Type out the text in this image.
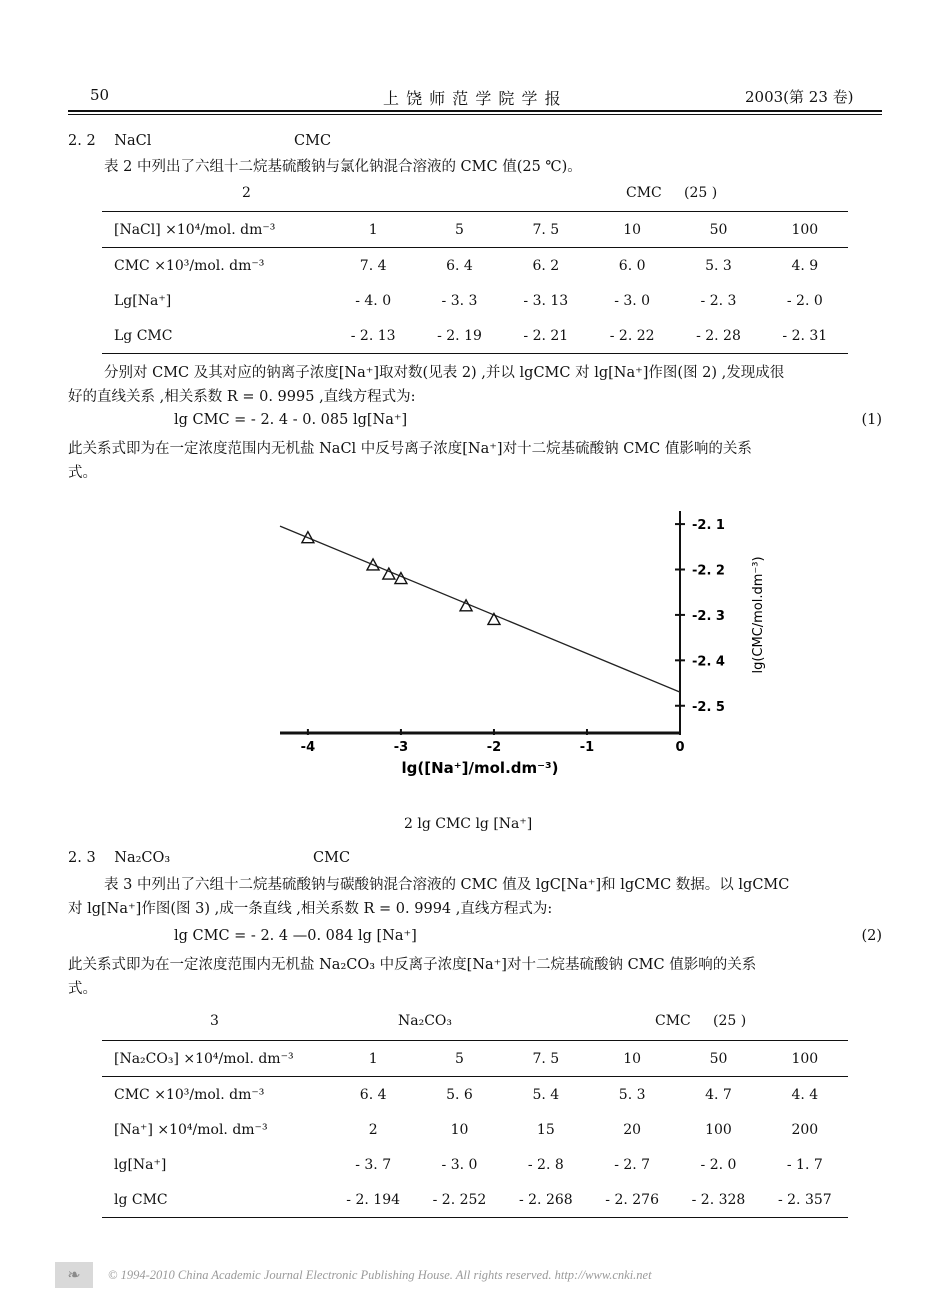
50	上 饶 师 范 学 院 学 报	2003(第 23 卷)
2. 2 NaCl	CMC
表 2 中列出了六组十二烷基硫酸钠与氯化钠混合溶液的 CMC 值(25 ℃)。
2	CMC (25 )
[NaCl] ×10⁴/mol. dm⁻³	1	5	7. 5	10	50	100
CMC ×10³/mol. dm⁻³	7. 4	6. 4	6. 2	6. 0	5. 3	4. 9
Lg[Na⁺]	- 4. 0	- 3. 3	- 3. 13	- 3. 0	- 2. 3	- 2. 0
Lg CMC	- 2. 13	- 2. 19	- 2. 21	- 2. 22	- 2. 28	- 2. 31
分别对 CMC 及其对应的钠离子浓度[Na⁺]取对数(见表 2) ,并以 lgCMC 对 lg[Na⁺]作图(图 2) ,发现成很
好的直线关系 ,相关系数 R = 0. 9995 ,直线方程式为:
lg CMC = - 2. 4 - 0. 085 lg[Na⁺]	(1)
此关系式即为在一定浓度范围内无机盐 NaCl 中反号离子浓度[Na⁺]对十二烷基硫酸钠 CMC 值影响的关系
式。
-4	-3	-2	-1	0
-2. 1
-2. 2
-2. 3
-2. 4
-2. 5
lg([Na⁺]/mol.dm⁻³)
lg(CMC/mol.dm⁻³)
2 lg CMC lg [Na⁺]
2. 3 Na₂CO₃	CMC
表 3 中列出了六组十二烷基硫酸钠与碳酸钠混合溶液的 CMC 值及 lgC[Na⁺]和 lgCMC 数据。以 lgCMC
对 lg[Na⁺]作图(图 3) ,成一条直线 ,相关系数 R = 0. 9994 ,直线方程式为:
lg CMC = - 2. 4 —0. 084 lg [Na⁺]	(2)
此关系式即为在一定浓度范围内无机盐 Na₂CO₃ 中反离子浓度[Na⁺]对十二烷基硫酸钠 CMC 值影响的关系
式。
3	Na₂CO₃	CMC (25 )
[Na₂CO₃] ×10⁴/mol. dm⁻³	1	5	7. 5	10	50	100
CMC ×10³/mol. dm⁻³	6. 4	5. 6	5. 4	5. 3	4. 7	4. 4
[Na⁺] ×10⁴/mol. dm⁻³	2	10	15	20	100	200
lg[Na⁺]	- 3. 7	- 3. 0	- 2. 8	- 2. 7	- 2. 0	- 1. 7
lg CMC	- 2. 194	- 2. 252	- 2. 268	- 2. 276	- 2. 328	- 2. 357
❧	© 1994-2010 China Academic Journal Electronic Publishing House. All rights reserved. http://www.cnki.net
